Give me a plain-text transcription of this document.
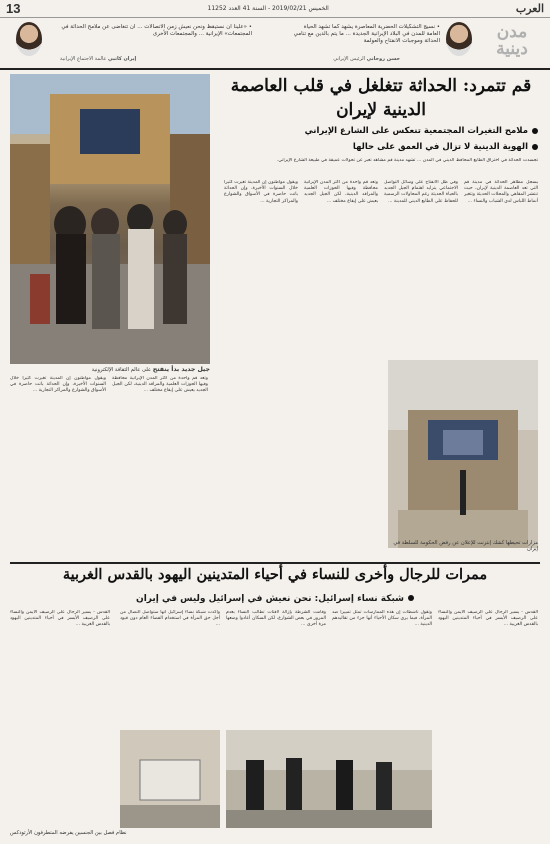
العرب
الخميس 2019/02/21 - السنة 41 العدد 11252
13
مدن دينية
• نسيج التشكيلات الحضرية المعاصرة يشهد كما تشهد الحياة العامة للمدن في البلاد الإيرانية الجديدة ... ما يتم بالدين مع تنامي الحداثة وموجبات الانفتاح والعولمة
حسن روحاني الرئيس الإيراني
• «علينا أن نستيقظ ونحن نعيش زمن الاتصالات ... أن تتغاضى عن ملامح الحداثة في المجتمعات» الإيرانية ... والمجتمعات الأخرى
إيران كاتبي عالمة الاجتماع الإيرانية
جيل جديد بدأ ينفتح على عالم الثقافة الإلكترونية
قم تتمرد: الحداثة تتغلغل في قلب العاصمة الدينية لإيران
ملامح التغيرات المجتمعية تنعكس على الشارع الإيراني
الهوية الدينية لا تزال في العمق على حالها
تجسدت الحداثة في اختراق الطابع المحافظ الديني في المدن ... تشهد مدينة قم مشاهد تعبر عن تحولات عميقة في طبيعة الشارع الإيراني.
يسجل مظاهر الحداثة في مدينة قم التي تعد العاصمة الدينية لإيران، حيث تنتشر المقاهي والمحلات الحديثة وتتغير أنماط اللباس لدى الشباب والنساء ...
وفي ظل الانفتاح على وسائل التواصل الاجتماعي يتزايد اهتمام الجيل الجديد بالحياة الحديثة رغم المحاولات الرسمية للحفاظ على الطابع الديني للمدينة ...
وتعد قم واحدة من أكثر المدن الإيرانية محافظة وفيها الحوزات العلمية والمراقد الدينية، لكن الجيل الجديد يعيش على إيقاع مختلف ...
ويقول مواطنون إن المدينة تغيرت كثيرا خلال السنوات الأخيرة، وإن الحداثة باتت حاضرة في الأسواق والشوارع والمراكز التجارية ...
ويقول مواطنون إن المدينة تغيرت كثيرا خلال السنوات الأخيرة، وإن الحداثة باتت حاضرة في الأسواق والشوارع والمراكز التجارية ...
وتعد قم واحدة من أكثر المدن الإيرانية محافظة وفيها الحوزات العلمية والمراقد الدينية، لكن الجيل الجديد يعيش على إيقاع مختلف ...
مزارات تحيطها كشك إنترنت للإعلان عن رفض الحكومة للسلطة في إيران
ممرات للرجال وأخرى للنساء في أحياء المتدينين اليهود بالقدس الغربية
شبكة نساء إسرائيل: نحن نعيش في إسرائيل وليس في إيران
القدس - يسير الرجال على الرصيف الأيمن والنساء على الرصيف الأيسر في أحياء المتدينين اليهود بالقدس الغربية ...
وتقول ناشطات إن هذه الممارسات تمثل تمييزا ضد المرأة، فيما يرى سكان الأحياء أنها جزء من تقاليدهم الدينية ...
وقامت الشرطة بإزالة لافتات تطالب النساء بعدم المرور في بعض الشوارع، لكن السكان أعادوا وضعها مرة أخرى ...
وأكدت شبكة نساء إسرائيل أنها ستواصل النضال من أجل حق المرأة في استخدام الفضاء العام دون قيود ...
القدس - يسير الرجال على الرصيف الأيمن والنساء على الرصيف الأيسر في أحياء المتدينين اليهود بالقدس الغربية ...
نظام فصل بين الجنسين يفرضه المتطرفون الأرثوذكس
